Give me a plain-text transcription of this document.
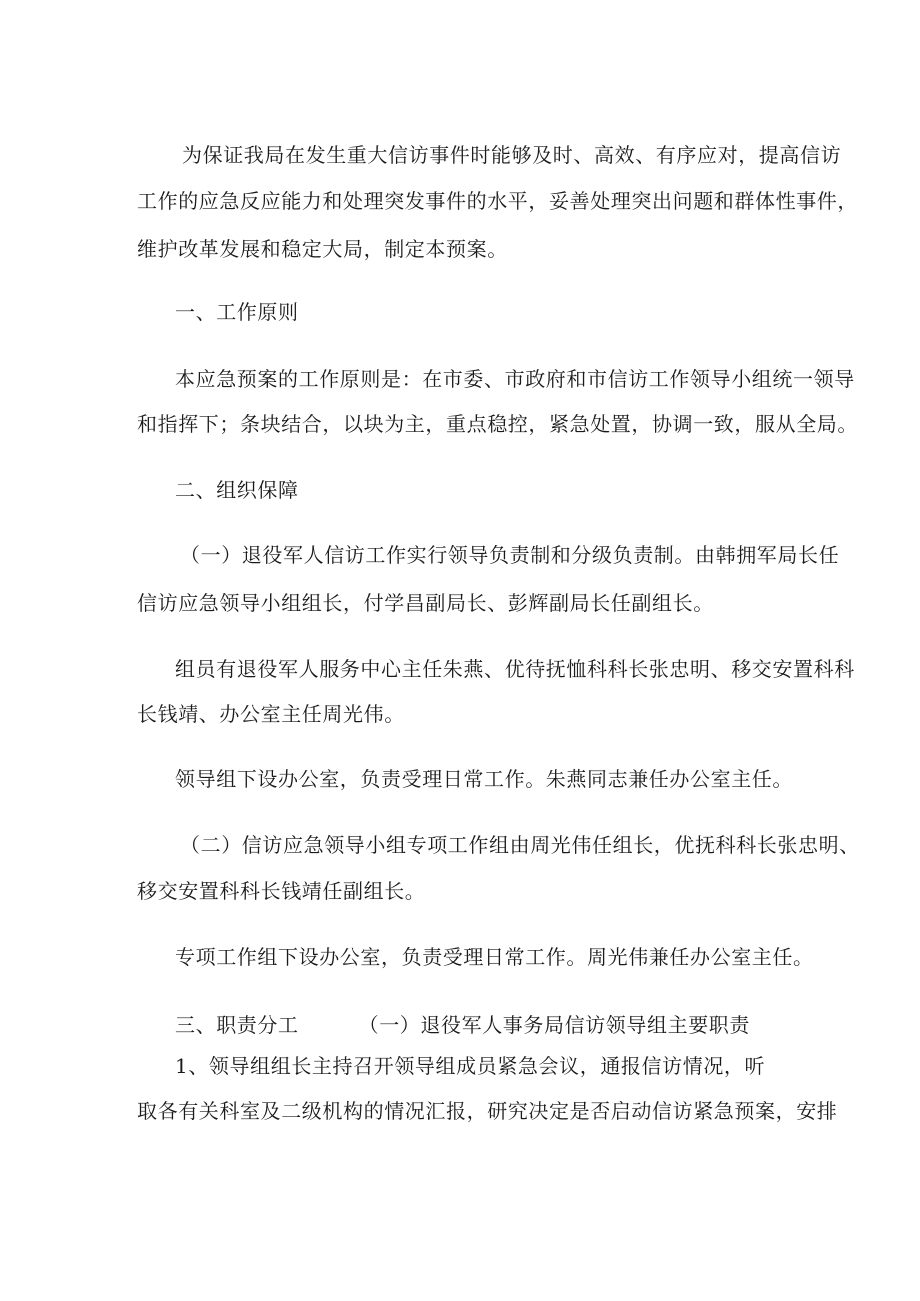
为保证我局在发生重大信访事件时能够及时、高效、有序应对，提高信访
工作的应急反应能力和处理突发事件的水平，妥善处理突出问题和群体性事件，
维护改革发展和稳定大局，制定本预案。
一、工作原则
本应急预案的工作原则是：在市委、市政府和市信访工作领导小组统一领导
和指挥下；条块结合，以块为主，重点稳控，紧急处置，协调一致，服从全局。
二、组织保障
（一）退役军人信访工作实行领导负责制和分级负责制。由韩拥军局长任
信访应急领导小组组长，付学昌副局长、彭辉副局长任副组长。
组员有退役军人服务中心主任朱燕、优待抚恤科科长张忠明、移交安置科科
长钱靖、办公室主任周光伟。
领导组下设办公室，负责受理日常工作。朱燕同志兼任办公室主任。
（二）信访应急领导小组专项工作组由周光伟任组长，优抚科科长张忠明、
移交安置科科长钱靖任副组长。
专项工作组下设办公室，负责受理日常工作。周光伟兼任办公室主任。
三、职责分工	（一）退役军人事务局信访领导组主要职责
1、领导组组长主持召开领导组成员紧急会议，通报信访情况，听
取各有关科室及二级机构的情况汇报，研究决定是否启动信访紧急预案，安排
